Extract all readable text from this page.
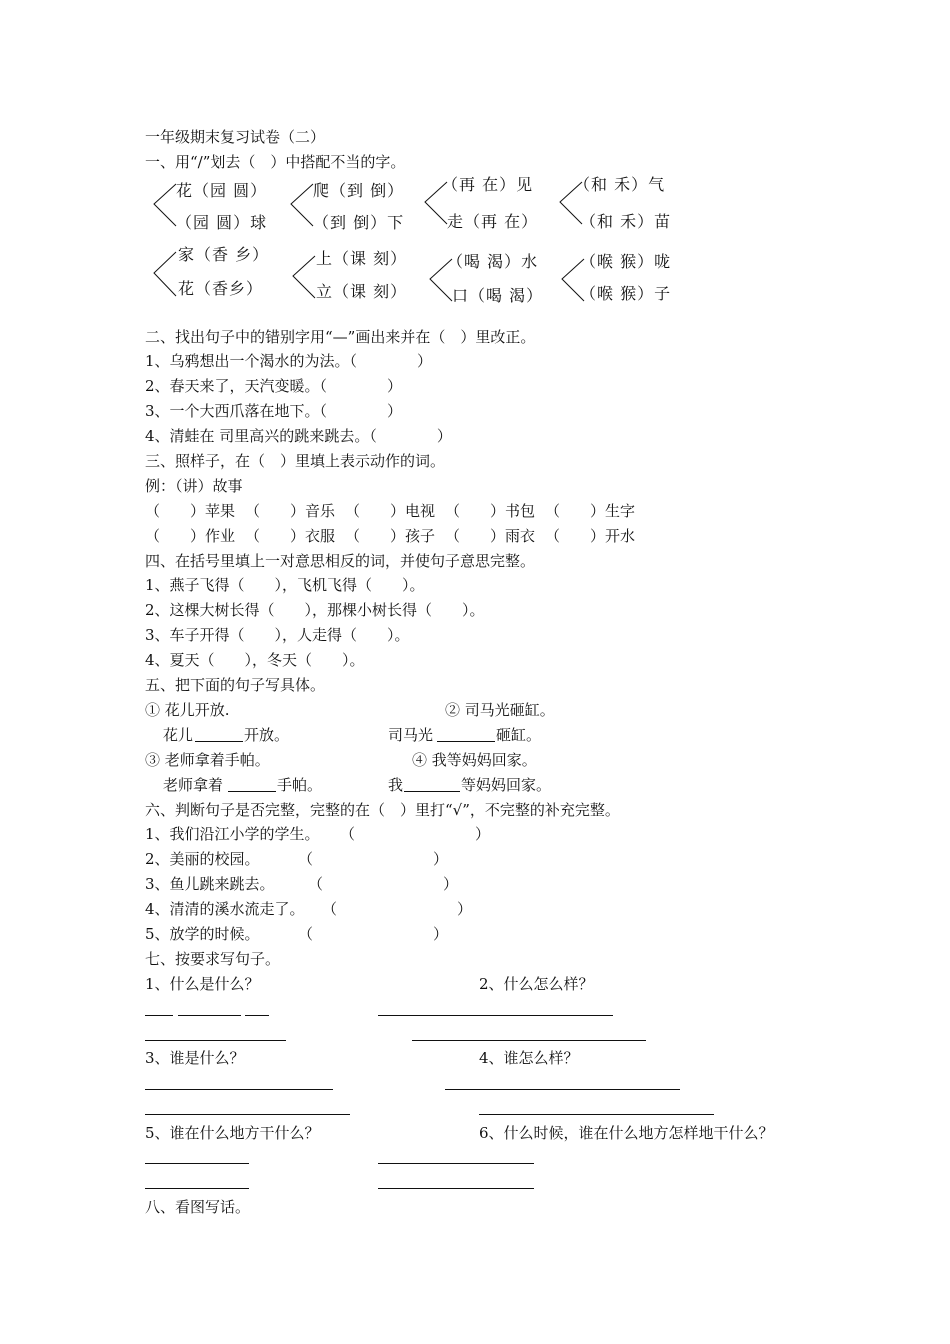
一年级期末复习试卷（二）
一、用“/”划去（　）中搭配不当的字。
花（园 圆）
（园 圆）球
爬（到 倒）
（到 倒）下
（再 在）见
走（再 在）
（和 禾）气
（和 禾）苗
家（香 乡）
花（香乡）
上（课 刻）
立（课 刻）
（喝 渴）水
口（喝 渴）
（喉 猴）咙
（喉 猴）子
二、找出句子中的错别字用“—”画出来并在（　）里改正。
1、乌鸦想出一个渴水的为法。（　　　　）
2、春天来了，天汽变暖。（　　　　）
3、一个大西爪落在地下。（　　　　）
4、清蛙在 司里高兴的跳来跳去。（　　　　）
三、照样子，在（　）里填上表示动作的词。
例：（讲）故事
（　　）苹果 （　　）音乐 （　　）电视 （　　）书包 （　　）生字
（　　）作业 （　　）衣服 （　　）孩子 （　　）雨衣 （　　）开水
四、在括号里填上一对意思相反的词，并使句子意思完整。
1、燕子飞得（　　），飞机飞得（　　）。
2、这棵大树长得（　　），那棵小树长得（　　）。
3、车子开得（　　），人走得（　　）。
4、夏天（　　），冬天（　　）。
五、把下面的句子写具体。
① 花儿开放.	② 司马光砸缸。
花儿	开放。	司马光	砸缸。
③ 老师拿着手帕。	④ 我等妈妈回家。
老师拿着	手帕。	我	等妈妈回家。
六、判断句子是否完整，完整的在（　）里打“√”，不完整的补充完整。
1、我们沿江小学的学生。 （　　　　　　　　）
2、美丽的校园。	（　　　　　　　　）
3、鱼儿跳来跳去。 （　　　　　　　　）
4、清清的溪水流走了。 （　　　　　　　　）
5、放学的时候。	（　　　　　　　　）
七、按要求写句子。
1、什么是什么？	2、什么怎么样？
3、谁是什么？	4、谁怎么样？
5、谁在什么地方干什么？	6、什么时候，谁在什么地方怎样地干什么？
八、看图写话。
